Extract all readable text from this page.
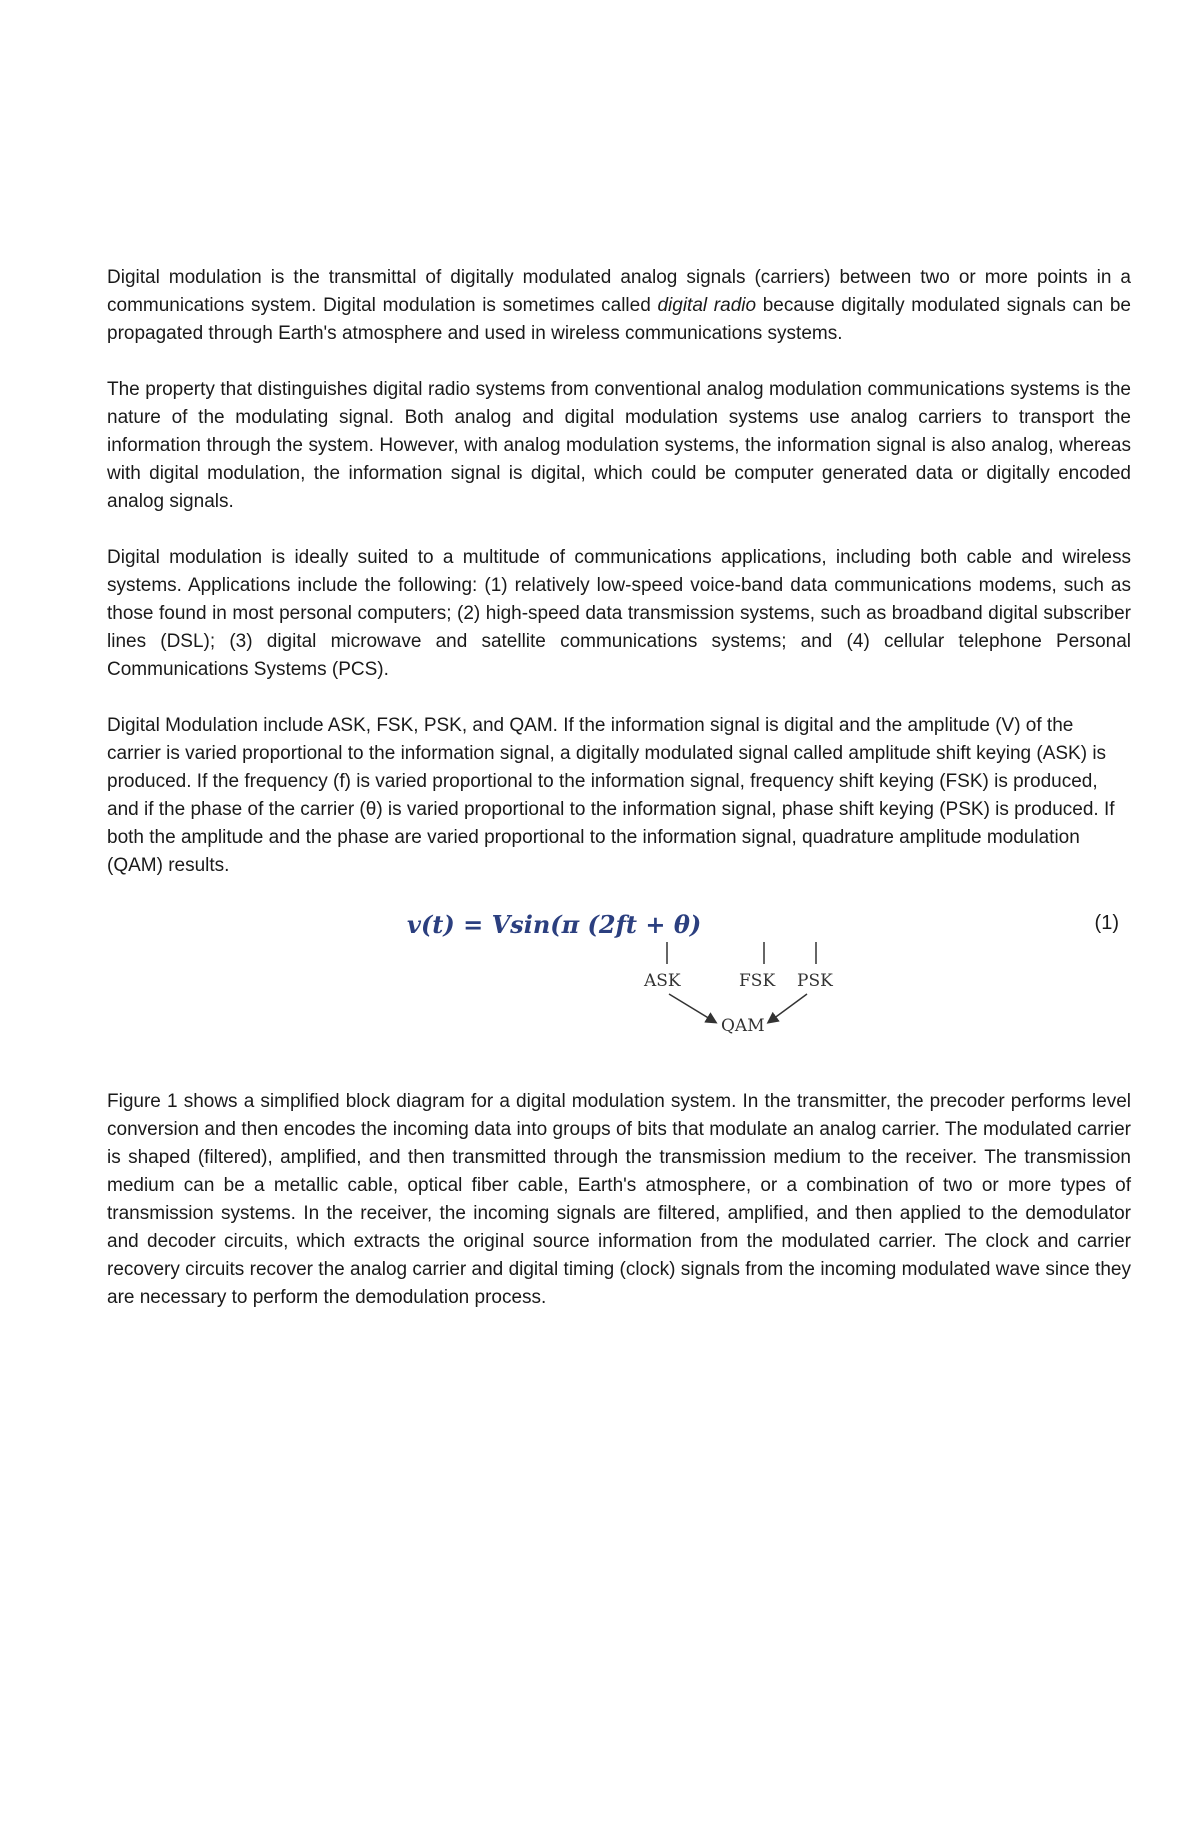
Digital modulation is the transmittal of digitally modulated analog signals (carriers) between two or more points in a communications system. Digital modulation is sometimes called digital radio because digitally modulated signals can be propagated through Earth's atmosphere and used in wireless communications systems.

The property that distinguishes digital radio systems from conventional analog modulation communications systems is the nature of the modulating signal. Both analog and digital modulation systems use analog carriers to transport the information through the system. However, with analog modulation systems, the information signal is also analog, whereas with digital modulation, the information signal is digital, which could be computer generated data or digitally encoded analog signals.

Digital modulation is ideally suited to a multitude of communications applications, including both cable and wireless systems. Applications include the following: (1) relatively low-speed voice-band data communications modems, such as those found in most personal computers; (2) high-speed data transmission systems, such as broadband digital subscriber lines (DSL); (3) digital microwave and satellite communications systems; and (4) cellular telephone Personal Communications Systems (PCS).

Digital Modulation include ASK, FSK, PSK, and QAM. If the information signal is digital and the amplitude (V) of the carrier is varied proportional to the information signal, a digitally modulated signal called amplitude shift keying (ASK) is produced. If the frequency (f) is varied proportional to the information signal, frequency shift keying (FSK) is produced, and if the phase of the carrier (θ) is varied proportional to the information signal, phase shift keying (PSK) is produced. If both the amplitude and the phase are varied proportional to the information signal, quadrature amplitude modulation (QAM) results.

v(t) = Vsin(π (2ft + θ)	(1)
ASK	FSK PSK
QAM

Figure 1 shows a simplified block diagram for a digital modulation system. In the transmitter, the precoder performs level conversion and then encodes the incoming data into groups of bits that modulate an analog carrier. The modulated carrier is shaped (filtered), amplified, and then transmitted through the transmission medium to the receiver. The transmission medium can be a metallic cable, optical fiber cable, Earth's atmosphere, or a combination of two or more types of transmission systems. In the receiver, the incoming signals are filtered, amplified, and then applied to the demodulator and decoder circuits, which extracts the original source information from the modulated carrier. The clock and carrier recovery circuits recover the analog carrier and digital timing (clock) signals from the incoming modulated wave since they are necessary to perform the demodulation process.
